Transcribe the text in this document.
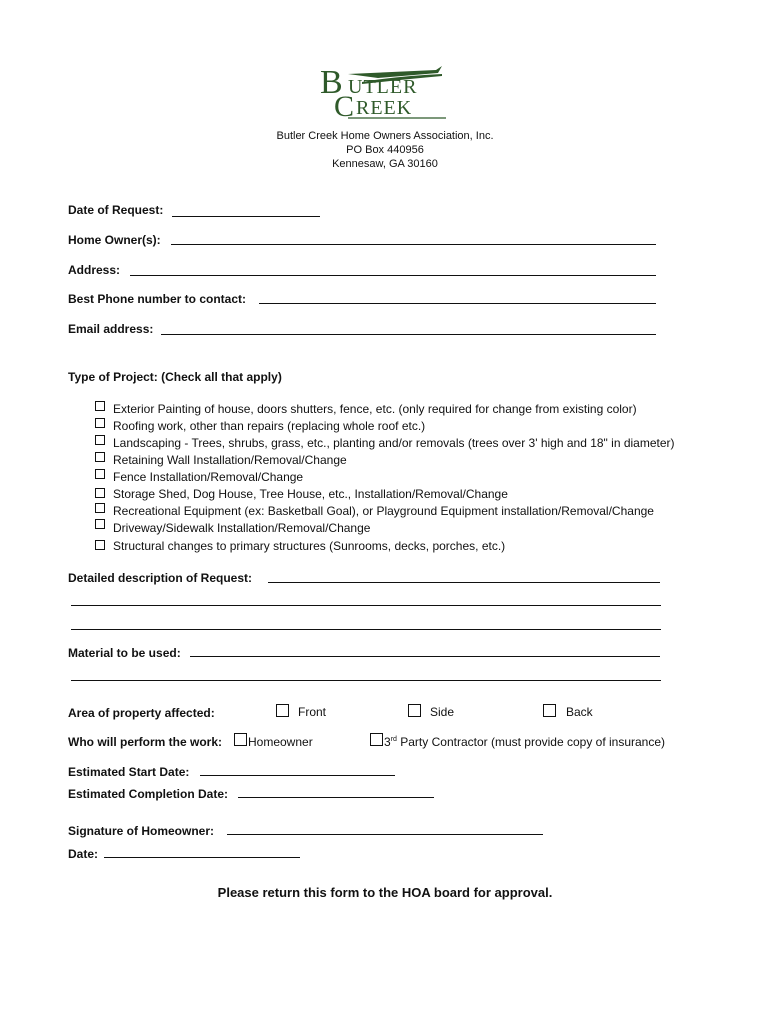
B UTLER
C REEK
Butler Creek Home Owners Association, Inc.
PO Box 440956
Kennesaw, GA 30160
Date of Request:
Home Owner(s):
Address:
Best Phone number to contact:
Email address:
Type of Project: (Check all that apply)
Exterior Painting of house, doors shutters, fence, etc. (only required for change from existing color)
Roofing work, other than repairs (replacing whole roof etc.)
Landscaping - Trees, shrubs, grass, etc., planting and/or removals (trees over 3' high and 18" in diameter)
Retaining Wall Installation/Removal/Change
Fence Installation/Removal/Change
Storage Shed, Dog House, Tree House, etc., Installation/Removal/Change
Recreational Equipment (ex: Basketball Goal), or Playground Equipment installation/Removal/Change
Driveway/Sidewalk Installation/Removal/Change
Structural changes to primary structures (Sunrooms, decks, porches, etc.)
Detailed description of Request:
Material to be used:
Area of property affected:	Front	Side	Back
Who will perform the work: Homeowner	3rd Party Contractor (must provide copy of insurance)
Estimated Start Date:
Estimated Completion Date:
Signature of Homeowner:
Date:
Please return this form to the HOA board for approval.
